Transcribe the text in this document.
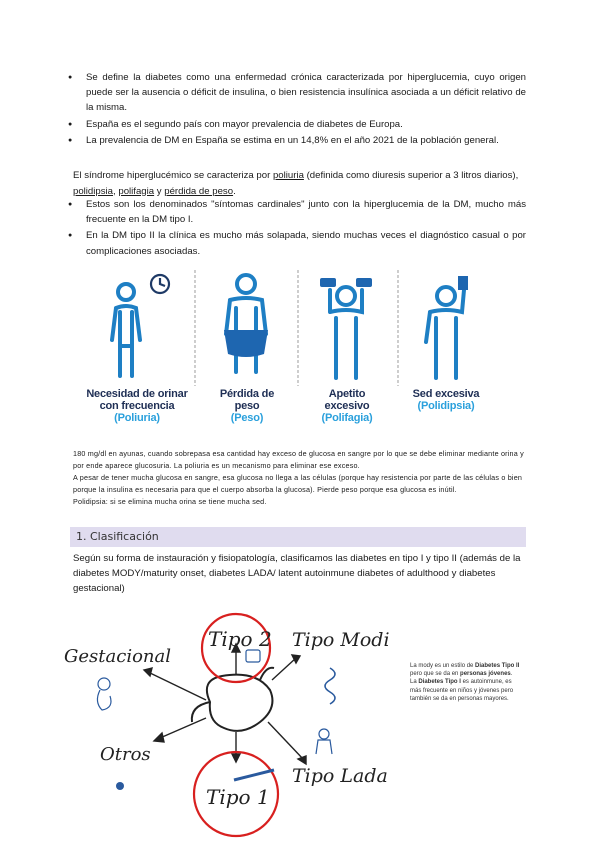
● Se define la diabetes como una enfermedad crónica caracterizada por hiperglucemia, cuyo origen puede ser la ausencia o déficit de insulina, o bien resistencia insulínica asociada a un déficit relativo de la misma.
● España es el segundo país con mayor prevalencia de diabetes de Europa.
● La prevalencia de DM en España se estima en un 14,8% en el año 2021 de la población general.

El síndrome hiperglucémico se caracteriza por poliuria (definida como diuresis superior a 3 litros diarios), polidipsia, polifagia y pérdida de peso.

● Estos son los denominados "síntomas cardinales" junto con la hiperglucemia de la DM, mucho más frecuente en la DM tipo I.
● En la DM tipo II la clínica es mucho más solapada, siendo muchas veces el diagnóstico casual o por complicaciones asociadas.
Necesidad de orinar con frecuencia
(Poliuria)
Pérdida de peso
(Peso)
Apetito excesivo
(Polifagia)
Sed excesiva
(Polidipsia)
180 mg/dl en ayunas, cuando sobrepasa esa cantidad hay exceso de glucosa en sangre por lo que se debe eliminar mediante orina y por ende aparece glucosuria. La poliuria es un mecanismo para eliminar ese exceso.
A pesar de tener mucha glucosa en sangre, esa glucosa no llega a las células (porque hay resistencia por parte de las células o bien porque la insulina es necesaria para que el cuerpo absorba la glucosa). Pierde peso porque esa glucosa es inútil.
Polidipsia: si se elimina mucha orina se tiene mucha sed.
1. Clasificación

Según su forma de instauración y fisiopatología, clasificamos las diabetes en tipo I y tipo II (además de la diabetes MODY/maturity onset, diabetes LADA/ latent autoinmune diabetes of adulthood y diabetes gestacional)

Tipo 2 Tipo Modi
Gestacional
Otros
Tipo Lada
Tipo 1

La mody es un estilo de Diabetes Tipo II pero que se da en personas jóvenes. La Diabetes Tipo I es autoinmune, es más frecuente en niños y jóvenes pero también se da en personas mayores.
